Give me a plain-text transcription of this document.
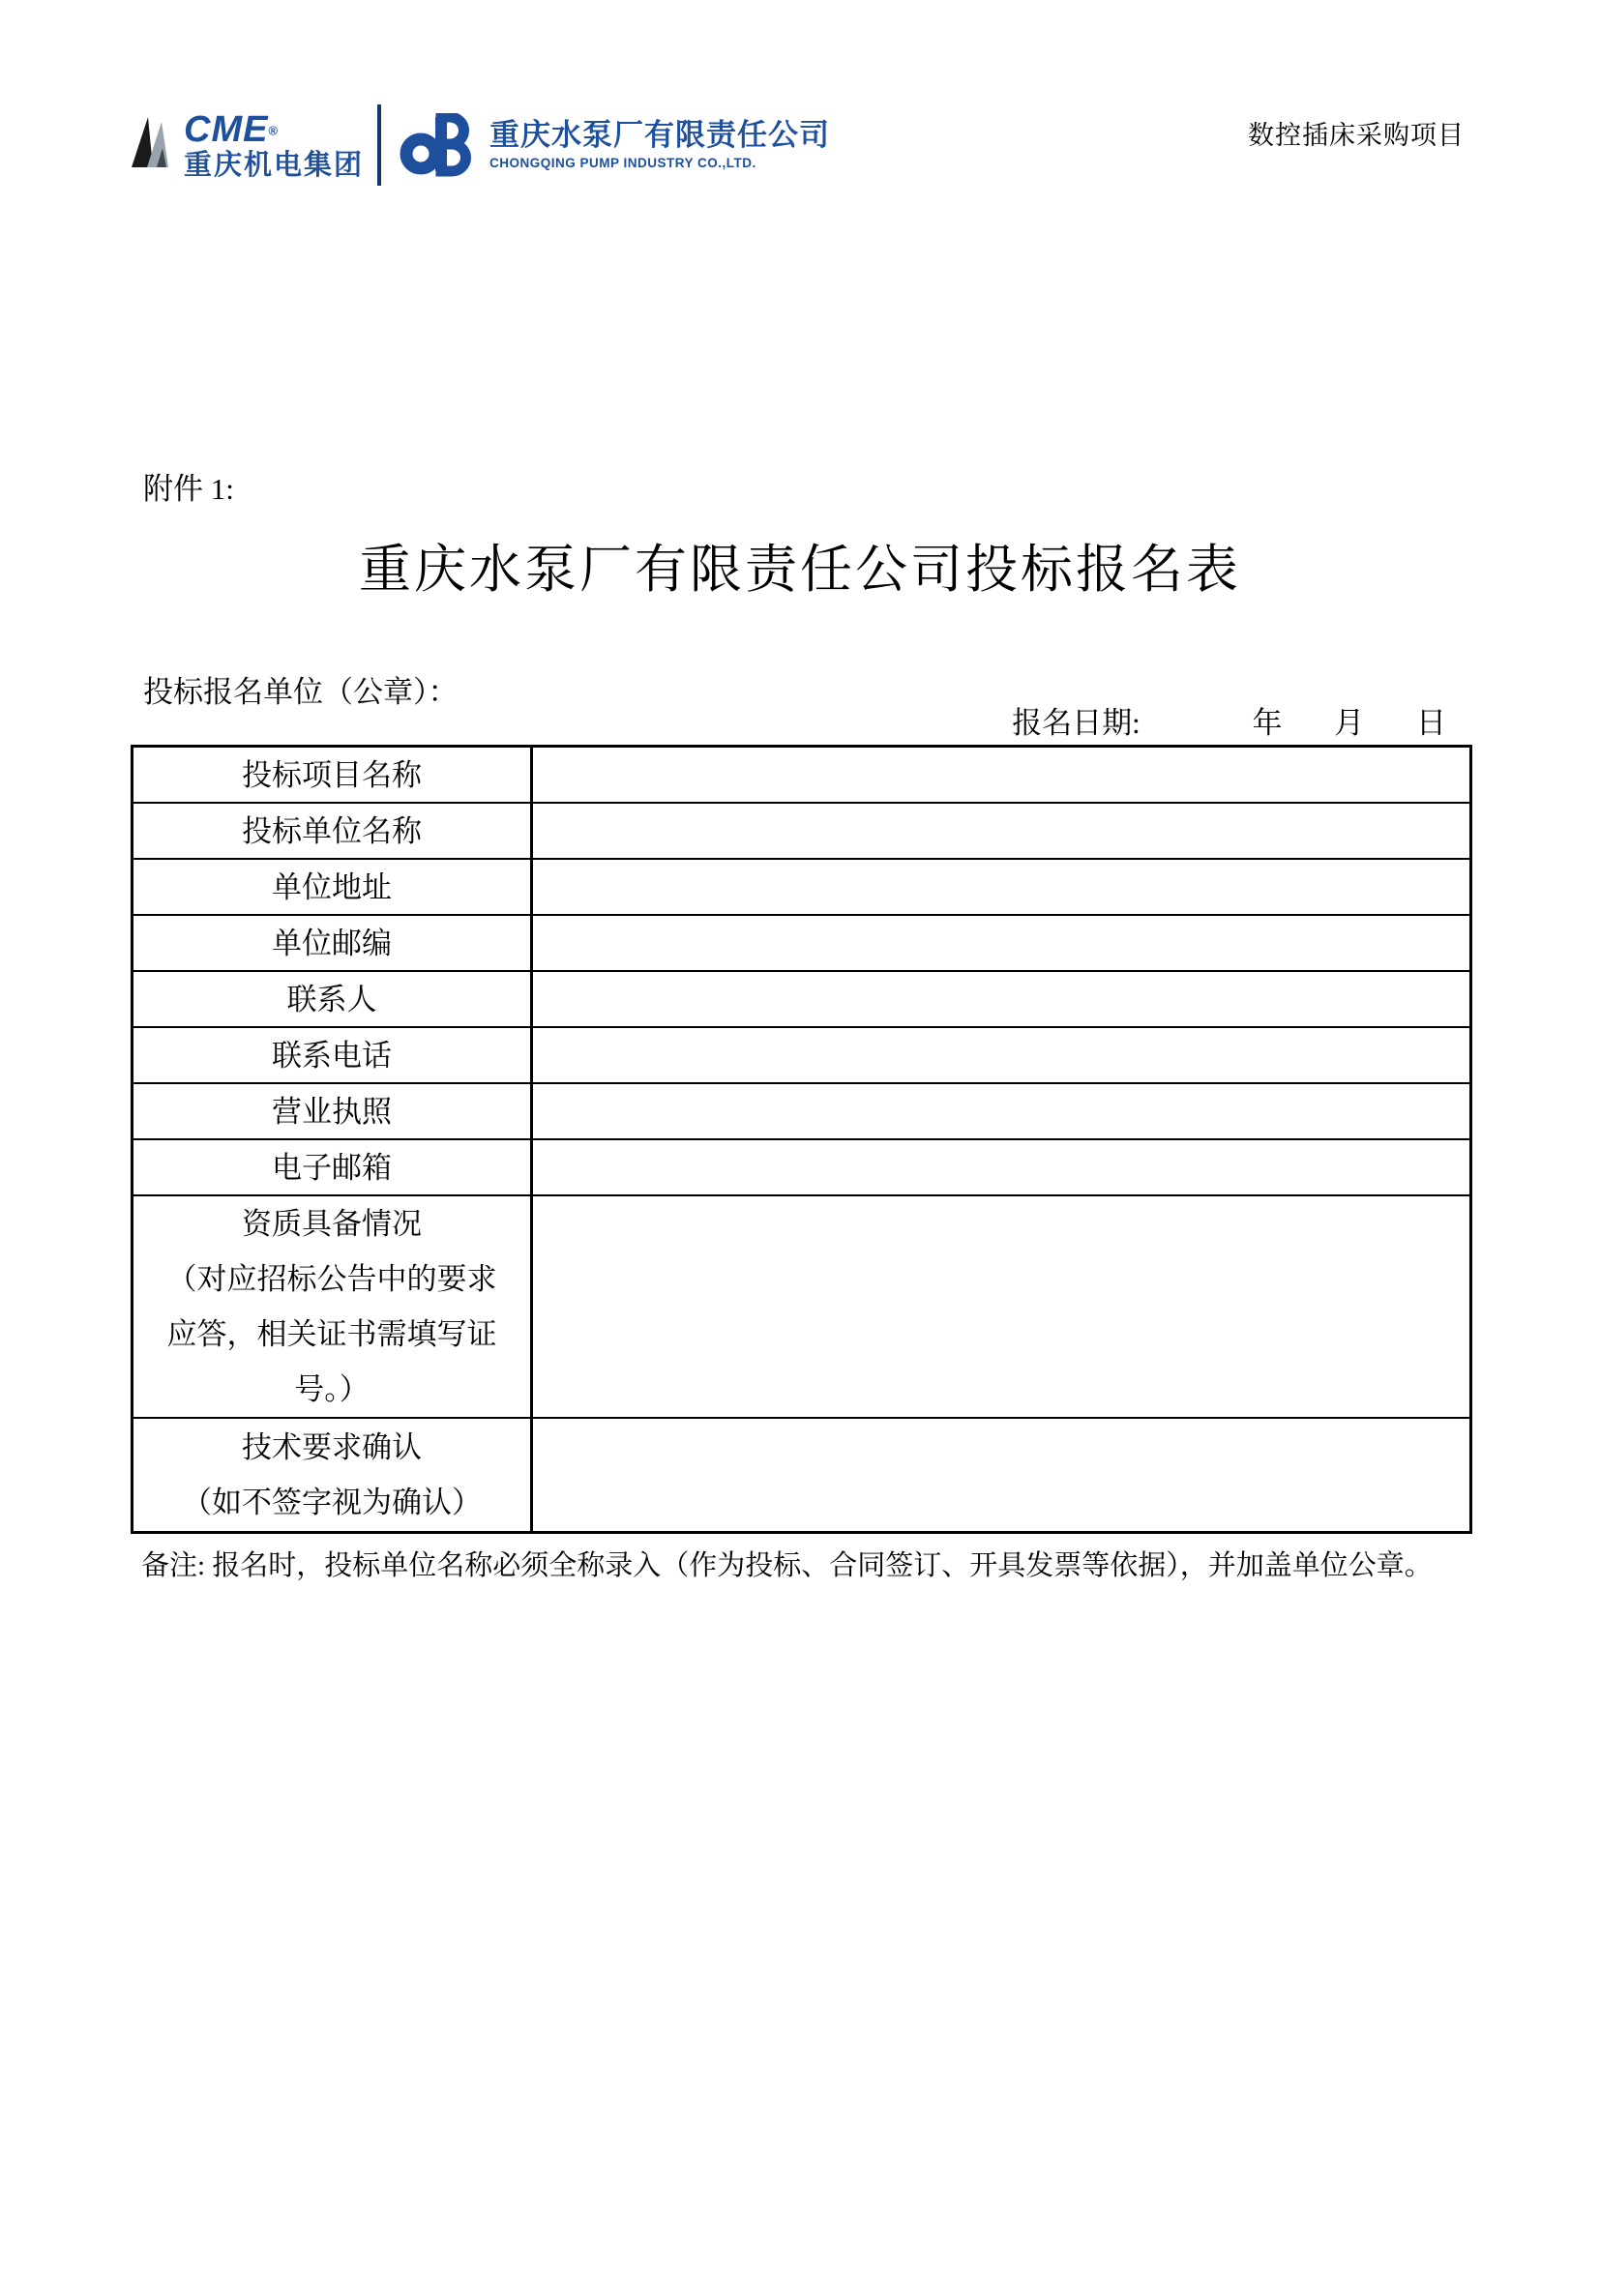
CME®
重庆机电集团
重庆水泵厂有限责任公司
CHONGQING PUMP INDUSTRY CO.,LTD.
数控插床采购项目
附件 1:
重庆水泵厂有限责任公司投标报名表
投标报名单位（公章）：
报名日期:	年 月 日
投标项目名称
投标单位名称
单位地址
单位邮编
联系人
联系电话
营业执照
电子邮箱
资质具备情况
（对应招标公告中的要求
应答，相关证书需填写证
号。）
技术要求确认
（如不签字视为确认）
备注: 报名时，投标单位名称必须全称录入（作为投标、合同签订、开具发票等依据），并加盖单位公章。
